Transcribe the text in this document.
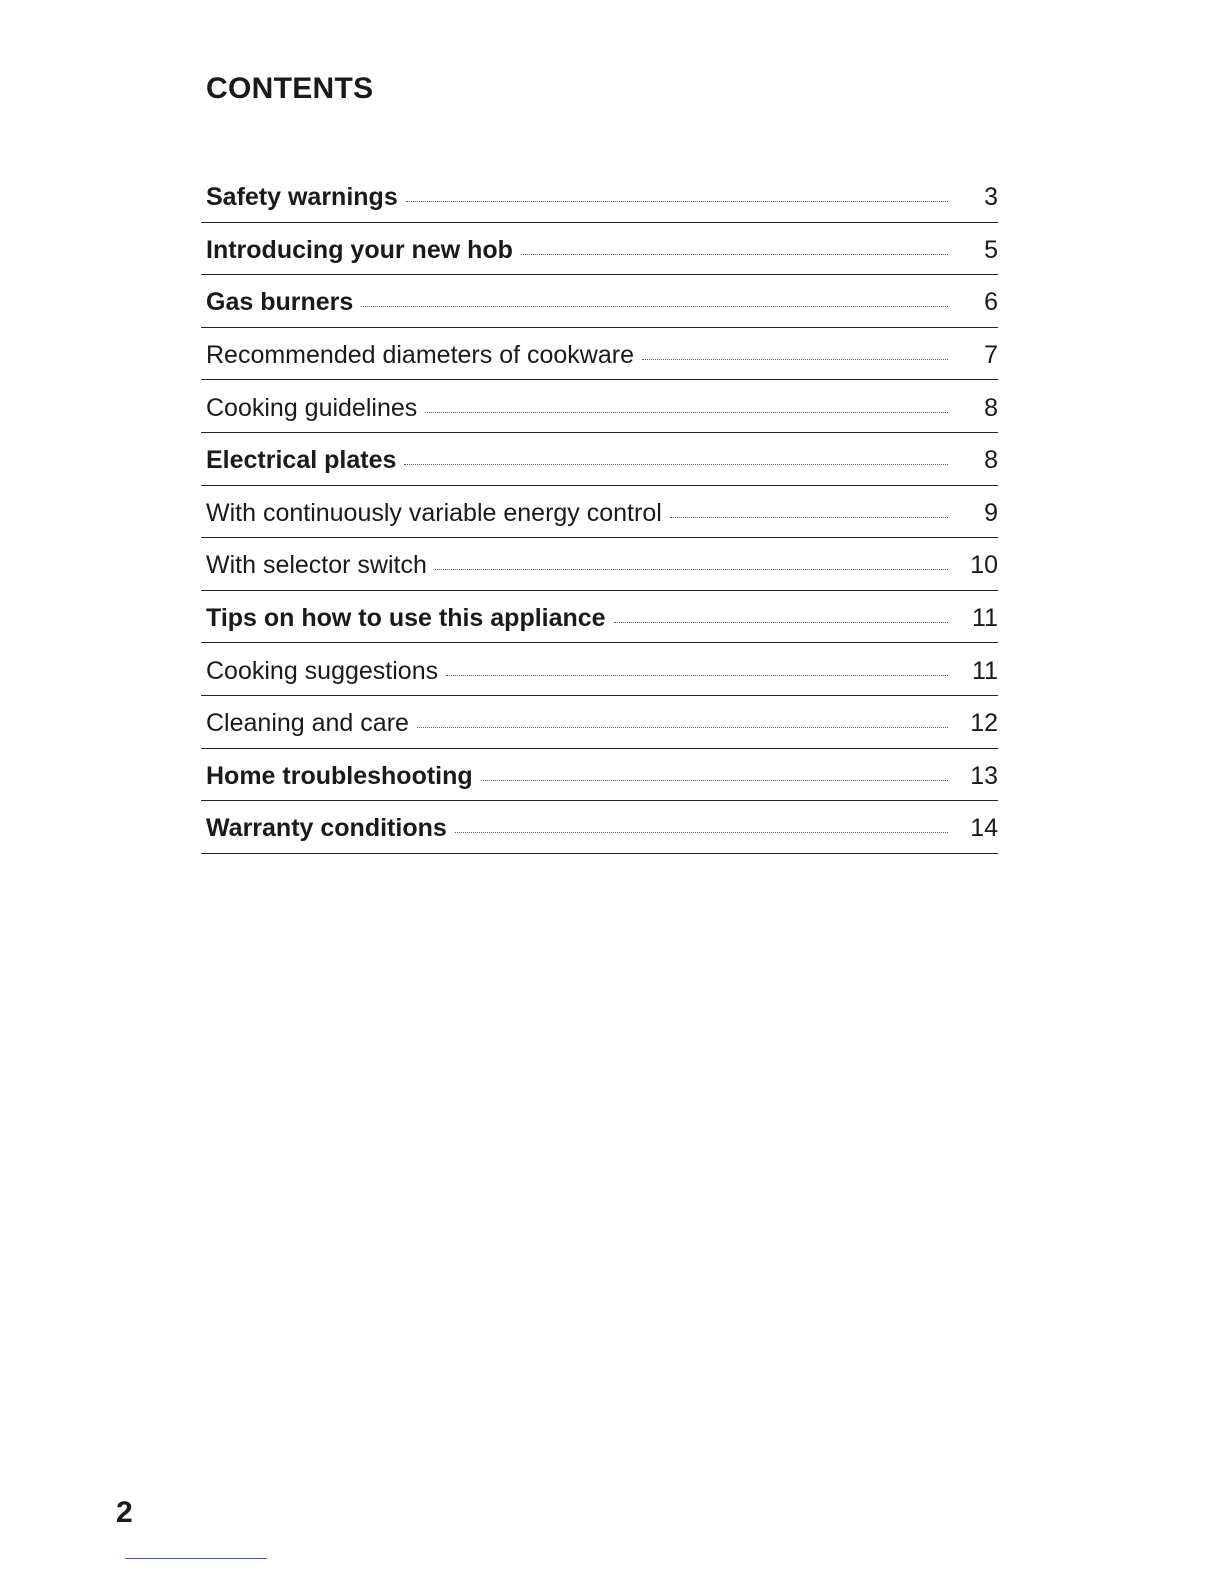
CONTENTS
Safety warnings	3
Introducing your new hob	5
Gas burners	6
Recommended diameters of cookware	7
Cooking guidelines	8
Electrical plates	8
With continuously variable energy control	9
With selector switch	10
Tips on how to use this appliance	11
Cooking suggestions	11
Cleaning and care	12
Home troubleshooting	13
Warranty conditions	14
2
